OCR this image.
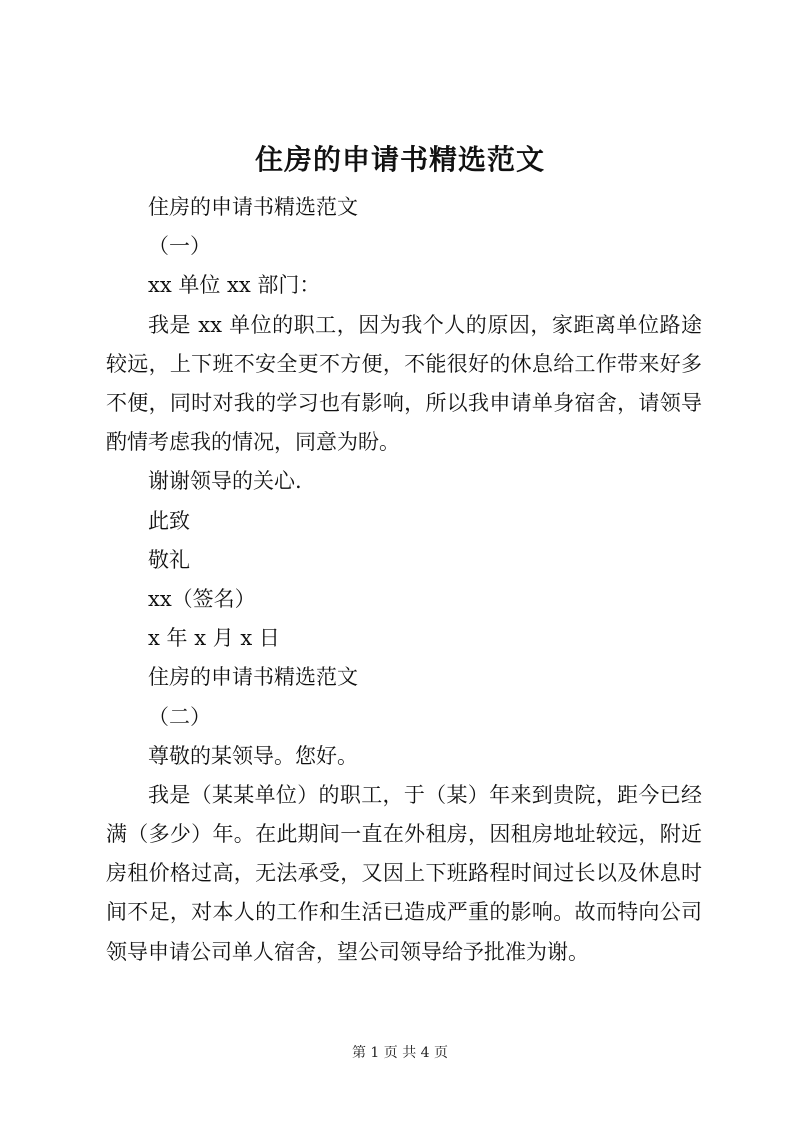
住房的申请书精选范文

住房的申请书精选范文

（一）

xx 单位 xx 部门：

我是 xx 单位的职工，因为我个人的原因，家距离单位路途较远，上下班不安全更不方便，不能很好的休息给工作带来好多不便，同时对我的学习也有影响，所以我申请单身宿舍，请领导酌情考虑我的情况，同意为盼。

谢谢领导的关心.

此致

敬礼

xx（签名）

x 年 x 月 x 日

住房的申请书精选范文

（二）

尊敬的某领导。您好。

我是（某某单位）的职工，于（某）年来到贵院，距今已经满（多少）年。在此期间一直在外租房，因租房地址较远，附近房租价格过高，无法承受，又因上下班路程时间过长以及休息时间不足，对本人的工作和生活已造成严重的影响。故而特向公司领导申请公司单人宿舍，望公司领导给予批准为谢。

第 1 页 共 4 页
